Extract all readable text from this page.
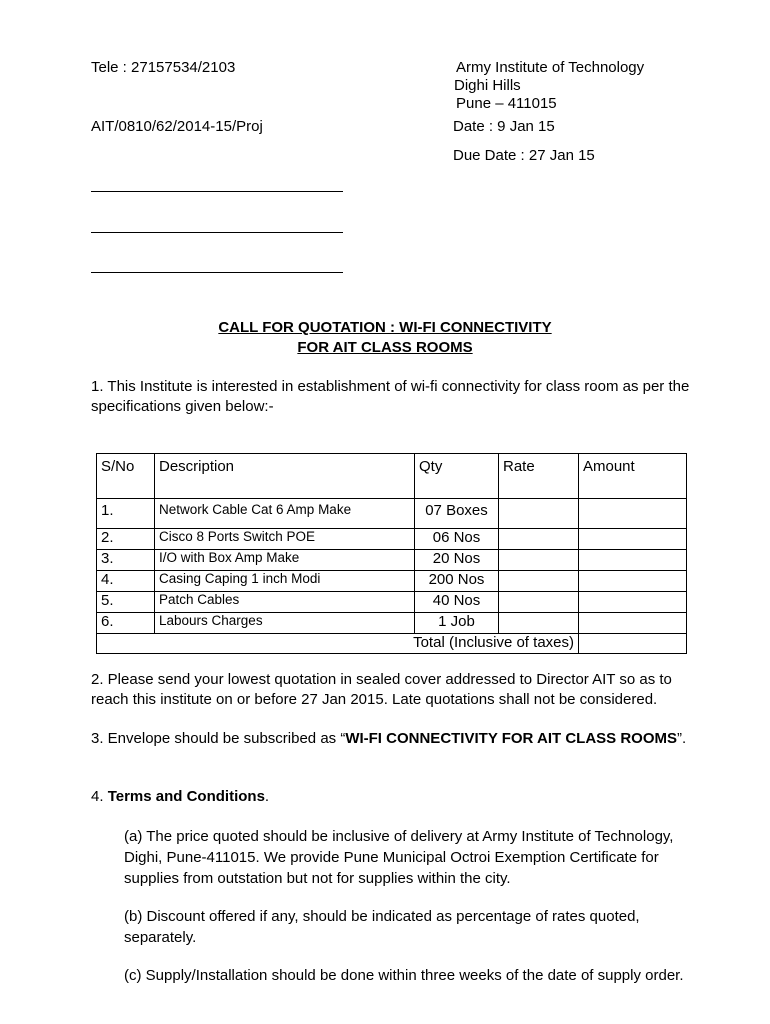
Tele : 27157534/2103
AIT/0810/62/2014-15/Proj
Army Institute of Technology
Dighi Hills
Pune – 411015
Date : 9 Jan 15
Due Date : 27 Jan 15
CALL FOR QUOTATION : WI-FI CONNECTIVITY
FOR AIT CLASS ROOMS
1. This Institute is interested in establishment of wi-fi connectivity for class room as per the specifications given below:-
S/No	Description	Qty	Rate	Amount
1.	Network Cable Cat 6 Amp Make	07 Boxes		
2.	Cisco 8 Ports Switch POE	06 Nos		
3.	I/O with Box Amp Make	20 Nos		
4.	Casing Caping 1 inch Modi	200 Nos		
5.	Patch Cables	40 Nos		
6.	Labours Charges	1 Job		
Total (Inclusive of taxes)				
2. Please send your lowest quotation in sealed cover addressed to Director AIT so as to reach this institute on or before 27 Jan 2015. Late quotations shall not be considered.
3. Envelope should be subscribed as “WI-FI CONNECTIVITY FOR AIT CLASS ROOMS”.
4. Terms and Conditions.
(a) The price quoted should be inclusive of delivery at Army Institute of Technology, Dighi, Pune-411015. We provide Pune Municipal Octroi Exemption Certificate for supplies from outstation but not for supplies within the city.
(b) Discount offered if any, should be indicated as percentage of rates quoted, separately.
(c) Supply/Installation should be done within three weeks of the date of supply order.
